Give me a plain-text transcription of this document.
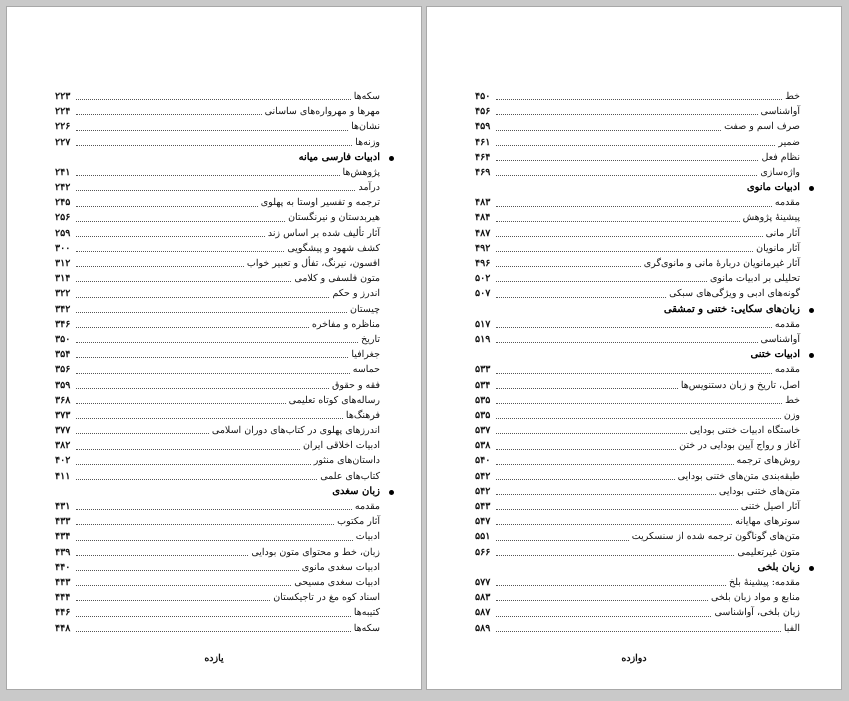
سکه‌ها
۲۲۳
مهرها و مهرواره‌های ساسانی
۲۲۴
نشان‌ها
۲۲۶
وزنه‌ها
۲۲۷
ادبیات فارسی میانه
پژوهش‌ها
۲۴۱
درآمد
۲۴۲
ترجمه و تفسیر اوستا به پهلوی
۲۴۵
هیربدستان و نیرنگستان
۲۵۶
آثار تألیف شده بر اساس زند
۲۵۹
کشف شهود و پیشگویی
۳۰۰
افسون، نیرنگ، تفأل و تعبیر خواب
۳۱۲
متون فلسفی و کلامی
۳۱۴
اندرز و حکم
۳۲۲
چیستان
۳۴۲
مناظره و مفاخره
۳۴۶
تاریخ
۳۵۰
جغرافیا
۳۵۴
حماسه
۳۵۶
فقه و حقوق
۳۵۹
رساله‌های کوتاه تعلیمی
۳۶۸
فرهنگ‌ها
۳۷۳
اندرزهای پهلوی در کتاب‌های دوران اسلامی
۳۷۷
ادبیات اخلاقی ایران
۳۸۲
داستان‌های منثور
۴۰۲
کتاب‌های علمی
۴۱۱
زبان سغدی
مقدمه
۴۳۱
آثار مکتوب
۴۳۳
ادبیات
۴۳۴
زبان، خط و محتوای متون بودایی
۴۳۹
ادبیات سغدی مانوی
۴۴۰
ادبیات سغدی مسیحی
۴۴۳
اسناد کوه مغ در تاجیکستان
۴۴۴
کتیبه‌ها
۴۴۶
سکه‌ها
۴۴۸
یازده
خط
۴۵۰
آواشناسی
۴۵۶
صرف اسم و صفت
۴۵۹
ضمیر
۴۶۱
نظام فعل
۴۶۴
واژه‌سازی
۴۶۹
ادبیات مانوی
مقدمه
۴۸۳
پیشینهٔ پژوهش
۴۸۴
آثار مانی
۴۸۷
آثار مانویان
۴۹۲
آثار غیرمانویان دربارهٔ مانی و مانوی‌گری
۴۹۶
تحلیلی بر ادبیات مانوی
۵۰۲
گونه‌های ادبی و ویژگی‌های سبکی
۵۰۷
زبان‌های سکایی: ختنی و تمشقی
مقدمه
۵۱۷
آواشناسی
۵۱۹
ادبیات ختنی
مقدمه
۵۳۳
اصل، تاریخ و زبان دستنویس‌ها
۵۳۴
خط
۵۳۵
وزن
۵۳۵
خاستگاه ادبیات ختنی بودایی
۵۳۷
آغاز و رواج آیین بودایی در ختن
۵۳۸
روش‌های ترجمه
۵۴۰
طبقه‌بندی متن‌های ختنی بودایی
۵۴۲
متن‌های ختنی بودایی
۵۴۲
آثار اصیل ختنی
۵۴۳
سوترهای مهایانه
۵۴۷
متن‌های گوناگون ترجمه شده از سنسکریت
۵۵۱
متون غیرتعلیمی
۵۶۶
زبان بلخی
مقدمه: پیشینهٔ بلخ
۵۷۷
منابع و مواد زبان بلخی
۵۸۳
زبان بلخی، آواشناسی
۵۸۷
الفبا
۵۸۹
دوازده
